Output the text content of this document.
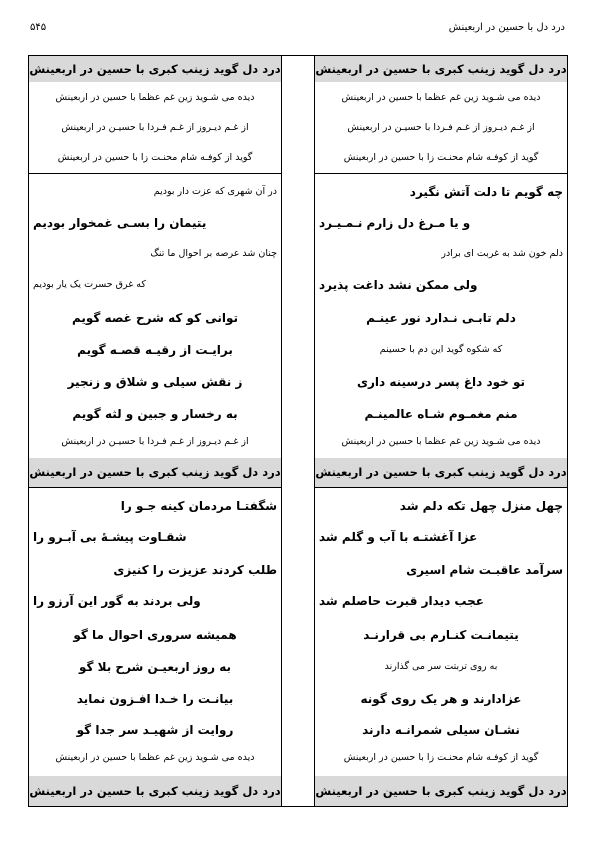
درد دل با حسین در اربعینش
۵۴۵
درد دل گوید زینب کبری با حسین در اربعینش
دیده می شـوید زین غم عظما با حسین در اربعینش
از غـم دیـروز از غـم فـردا با حسیـن در اربعینش
گوید از کوفـه شام محنـت زا با حسین در اربعینش
چه گویم تا دلت آتش نگیرد
و یا مـرغ دل زارم نـمـیـرد
دلم خون شد به غربت ای برادر
ولی ممکن نشد داغت پذیرد
دلم تابـی نـدارد نور عینـم
که شکوه گوید این دم با حسینم
تو خود داغ پسر درسینه داری
منم مغمـوم شـاه عالمینـم
دیده می شـوید زین غم عظما با حسین در اربعینش
درد دل گوید زینب کبری با حسین در اربعینش
چهل منزل چهل تکه دلم شد
عزا آغشتـه با آب و گلم شد
سرآمد عاقبـت شام اسیری
عجب دیدار قبرت حاصلم شد
یتیمانـت کنـارم بی قرارنـد
به روی تربتت سر می گذارند
عزادارند و هر یک روی گونه
نشـان سیلی شمرانـه دارند
گوید از کوفـه شام محنـت زا با حسین در اربعینش
درد دل گوید زینب کبری با حسین در اربعینش
درد دل گوید زینب کبری با حسین در اربعینش
دیده می شـوید زین غم عظما با حسین در اربعینش
از غـم دیـروز از غـم فـردا با حسیـن در اربعینش
گوید از کوفـه شام محنـت زا با حسین در اربعینش
در آن شهری که عزت دار بودیم
یتیمان را بسـی غمخوار بودیم
چنان شد عرصه بر احوال ما تنگ
که غرق حسرت یک یار بودیم
توانی کو که شرح غصه گویم
برایـت از رقیـه قصـه گویم
ز نقش سیلی و شلاق و زنجیر
به رخسار و جبین و لثه گویم
از غـم دیـروز از غـم فـردا با حسیـن در اربعینش
درد دل گوید زینب کبری با حسین در اربعینش
شگفتـا مردمان کینه جـو را
شقـاوت پیشـهٔ بی آبـرو را
طلب کردند عزیزت را کنیزی
ولی بردند به گور این آرزو را
همیشه سروری احوال ما گو
به روز اربعیـن شرح بلا گو
بیانـت را خـدا افـزون نماید
روایت از شهیـد سر جدا گو
دیده می شـوید زین غم عظما با حسین در اربعینش
درد دل گوید زینب کبری با حسین در اربعینش
